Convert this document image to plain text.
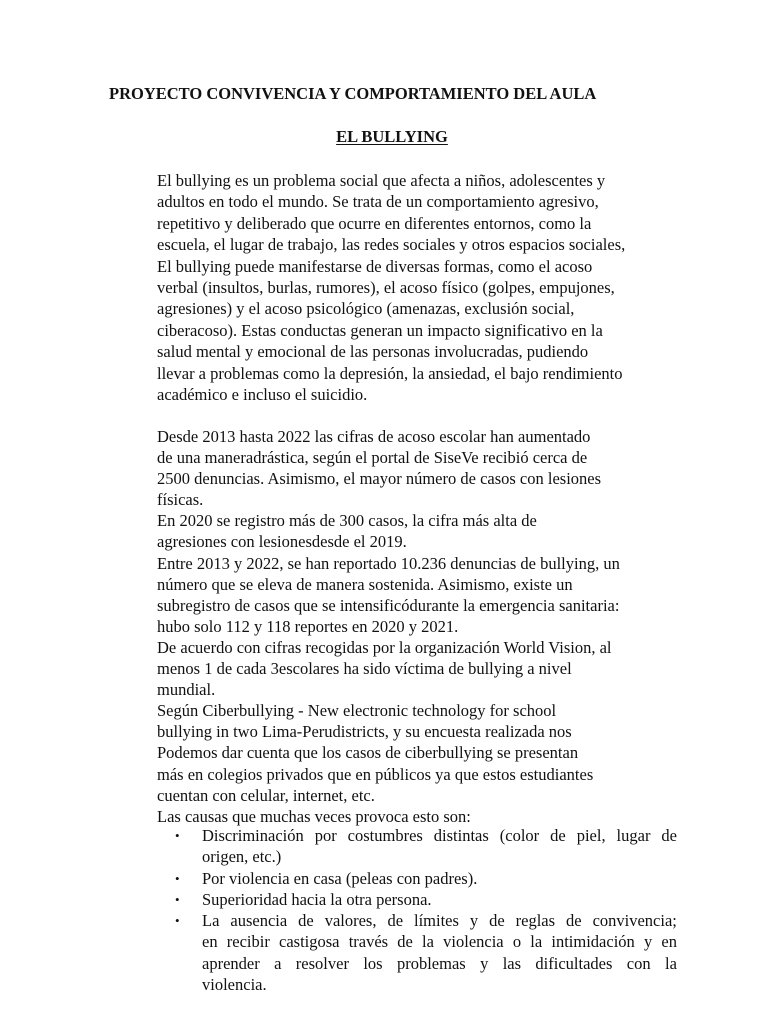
PROYECTO CONVIVENCIA Y COMPORTAMIENTO DEL AULA
EL BULLYING
El bullying es un problema social que afecta a niños, adolescentes y
adultos en todo el mundo. Se trata de un comportamiento agresivo,
repetitivo y deliberado que ocurre en diferentes entornos, como la
escuela, el lugar de trabajo, las redes sociales y otros espacios sociales,
El bullying puede manifestarse de diversas formas, como el acoso
verbal (insultos, burlas, rumores), el acoso físico (golpes, empujones,
agresiones) y el acoso psicológico (amenazas, exclusión social,
ciberacoso). Estas conductas generan un impacto significativo en la
salud mental y emocional de las personas involucradas, pudiendo
llevar a problemas como la depresión, la ansiedad, el bajo rendimiento
académico e incluso el suicidio.
Desde 2013 hasta 2022 las cifras de acoso escolar han aumentado
de una maneradrástica, según el portal de SiseVe recibió cerca de
2500 denuncias. Asimismo, el mayor número de casos con lesiones
físicas.
En 2020 se registro más de 300 casos, la cifra más alta de
agresiones con lesionesdesde el 2019.
Entre 2013 y 2022, se han reportado 10.236 denuncias de bullying, un
número que se eleva de manera sostenida. Asimismo, existe un
subregistro de casos que se intensificódurante la emergencia sanitaria:
hubo solo 112 y 118 reportes en 2020 y 2021.
De acuerdo con cifras recogidas por la organización World Vision, al
menos 1 de cada 3escolares ha sido víctima de bullying a nivel
mundial.
Según Ciberbullying - New electronic technology for school
bullying in two Lima-Perudistricts, y su encuesta realizada nos
Podemos dar cuenta que los casos de ciberbullying se presentan
más en colegios privados que en públicos ya que estos estudiantes
cuentan con celular, internet, etc.
Las causas que muchas veces provoca esto son:
• Discriminación por costumbres distintas (color de piel, lugar de
origen, etc.)
• Por violencia en casa (peleas con padres).
• Superioridad hacia la otra persona.
• La ausencia de valores, de límites y de reglas de convivencia;
en recibir castigosa través de la violencia o la intimidación y en
aprender a resolver los problemas y las dificultades con la
violencia.
